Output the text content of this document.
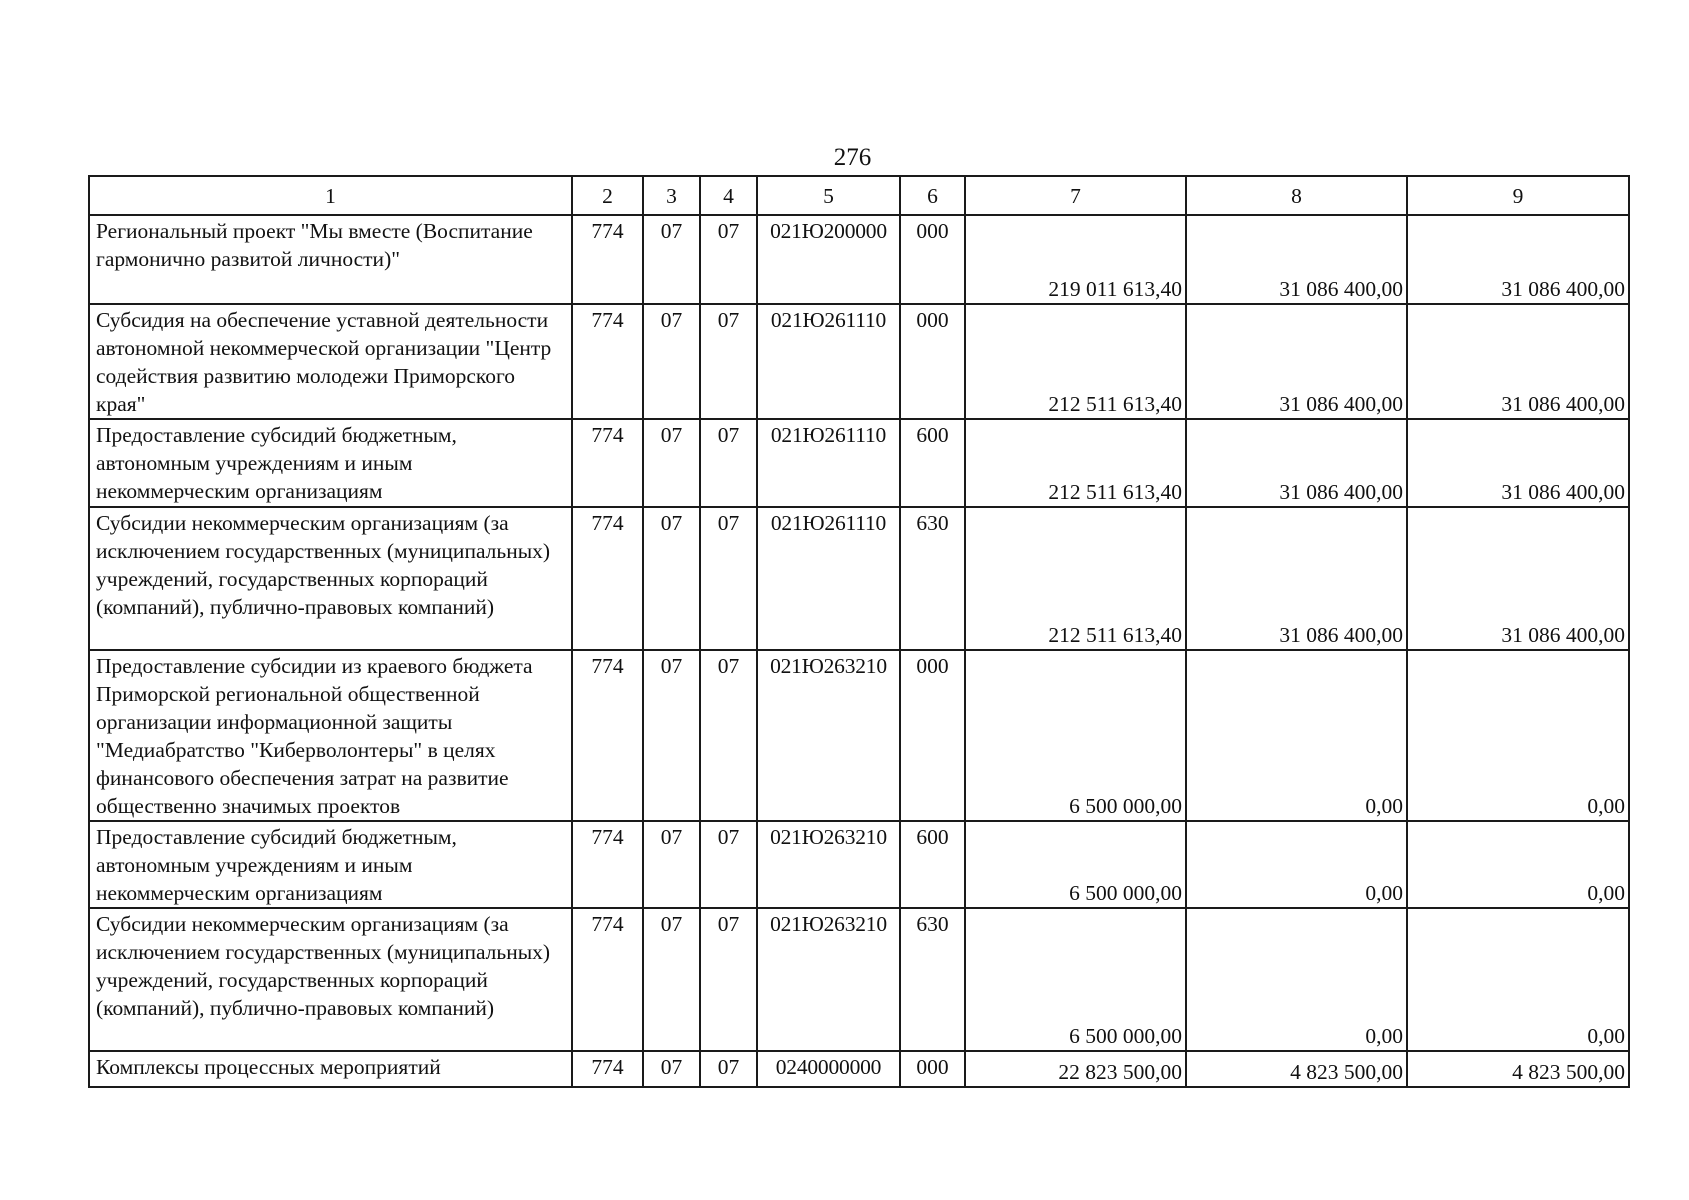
276
1	2	3	4	5	6	7	8	9
Региональный проект "Мы вместе (Воспитание гармонично развитой личности)"	774	07	07	021Ю200000	000	219 011 613,40	31 086 400,00	31 086 400,00
Субсидия на обеспечение уставной деятельности автономной некоммерческой организации "Центр содействия развитию молодежи Приморского края"	774	07	07	021Ю261110	000	212 511 613,40	31 086 400,00	31 086 400,00
Предоставление субсидий бюджетным, автономным учреждениям и иным некоммерческим организациям	774	07	07	021Ю261110	600	212 511 613,40	31 086 400,00	31 086 400,00
Субсидии некоммерческим организациям (за исключением государственных (муниципальных) учреждений, государственных корпораций (компаний), публично-правовых компаний)	774	07	07	021Ю261110	630	212 511 613,40	31 086 400,00	31 086 400,00
Предоставление субсидии из краевого бюджета Приморской региональной общественной организации информационной защиты "Медиабратство "Киберволонтеры" в целях финансового обеспечения затрат на развитие общественно значимых проектов	774	07	07	021Ю263210	000	6 500 000,00	0,00	0,00
Предоставление субсидий бюджетным, автономным учреждениям и иным некоммерческим организациям	774	07	07	021Ю263210	600	6 500 000,00	0,00	0,00
Субсидии некоммерческим организациям (за исключением государственных (муниципальных) учреждений, государственных корпораций (компаний), публично-правовых компаний)	774	07	07	021Ю263210	630	6 500 000,00	0,00	0,00
Комплексы процессных мероприятий	774	07	07	0240000000	000	22 823 500,00	4 823 500,00	4 823 500,00
